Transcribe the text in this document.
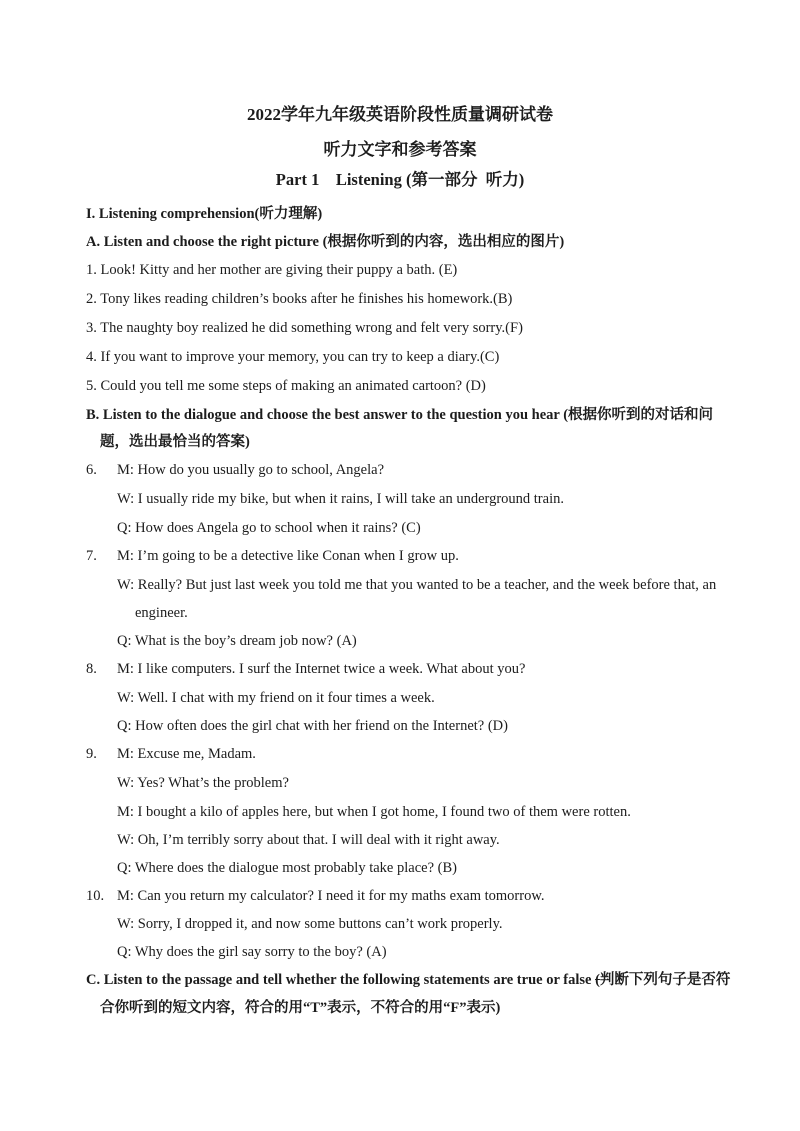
2022学年九年级英语阶段性质量调研试卷
听力文字和参考答案
Part 1    Listening (第一部分  听力)
I. Listening comprehension(听力理解)
A. Listen and choose the right picture (根据你听到的内容，选出相应的图片)
1. Look! Kitty and her mother are giving their puppy a bath. (E)
2. Tony likes reading children’s books after he finishes his homework.(B)
3. The naughty boy realized he did something wrong and felt very sorry.(F)
4. If you want to improve your memory, you can try to keep a diary.(C)
5. Could you tell me some steps of making an animated cartoon? (D)
B. Listen to the dialogue and choose the best answer to the question you hear (根据你听到的对话和问
题，选出最恰当的答案)
6. M: How do you usually go to school, Angela?
W: I usually ride my bike, but when it rains, I will take an underground train.
Q: How does Angela go to school when it rains? (C)
7. M: I’m going to be a detective like Conan when I grow up.
W: Really? But just last week you told me that you wanted to be a teacher, and the week before that, an
engineer.
Q: What is the boy’s dream job now? (A)
8. M: I like computers. I surf the Internet twice a week. What about you?
W: Well. I chat with my friend on it four times a week.
Q: How often does the girl chat with her friend on the Internet? (D)
9. M: Excuse me, Madam.
W: Yes? What’s the problem?
M: I bought a kilo of apples here, but when I got home, I found two of them were rotten.
W: Oh, I’m terribly sorry about that. I will deal with it right away.
Q: Where does the dialogue most probably take place? (B)
10. M: Can you return my calculator? I need it for my maths exam tomorrow.
W: Sorry, I dropped it, and now some buttons can’t work properly.
Q: Why does the girl say sorry to the boy? (A)
C. Listen to the passage and tell whether the following statements are true or false (判断下列句子是否符
合你听到的短文内容，符合的用“T”表示，不符合的用“F”表示)
